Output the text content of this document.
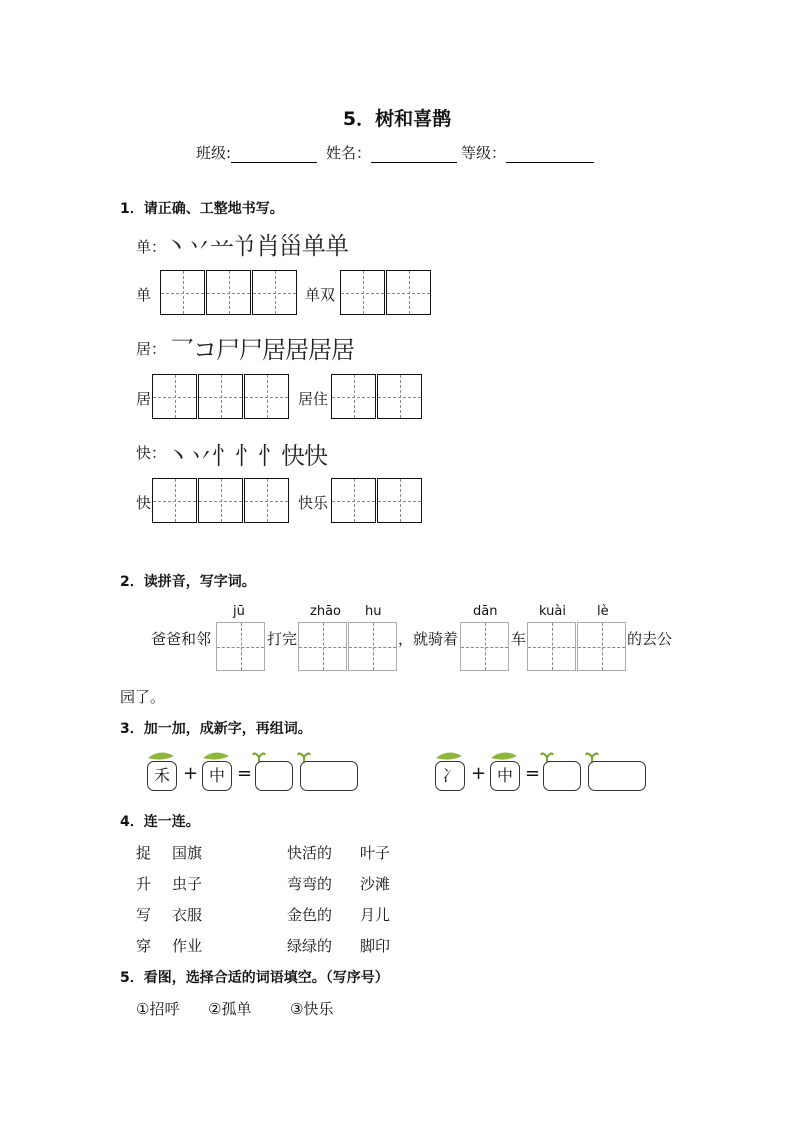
5．树和喜鹊
班级:	姓名：	等级：
1．请正确、工整地书写。
单：
丶丷䒑兯肖甾单单
单	单双
居： 乛コ尸尸居居居居
居	居住
快： 丶丷忄忄忄快快
快	快乐
2．读拼音，写字词。
jū	zhāo hu	dān	kuài lè
爸爸和邻	打完	，就骑着	车	的去公
园了。
3．加一加，成新字，再组词。
禾 + 中 =	冫 + 中 =
4．连一连。
捉 国旗	快活的 叶子
升 虫子	弯弯的 沙滩
写 衣服	金色的 月儿
穿 作业	绿绿的 脚印
5．看图，选择合适的词语填空。（写序号）
①招呼 ②孤单	③快乐
